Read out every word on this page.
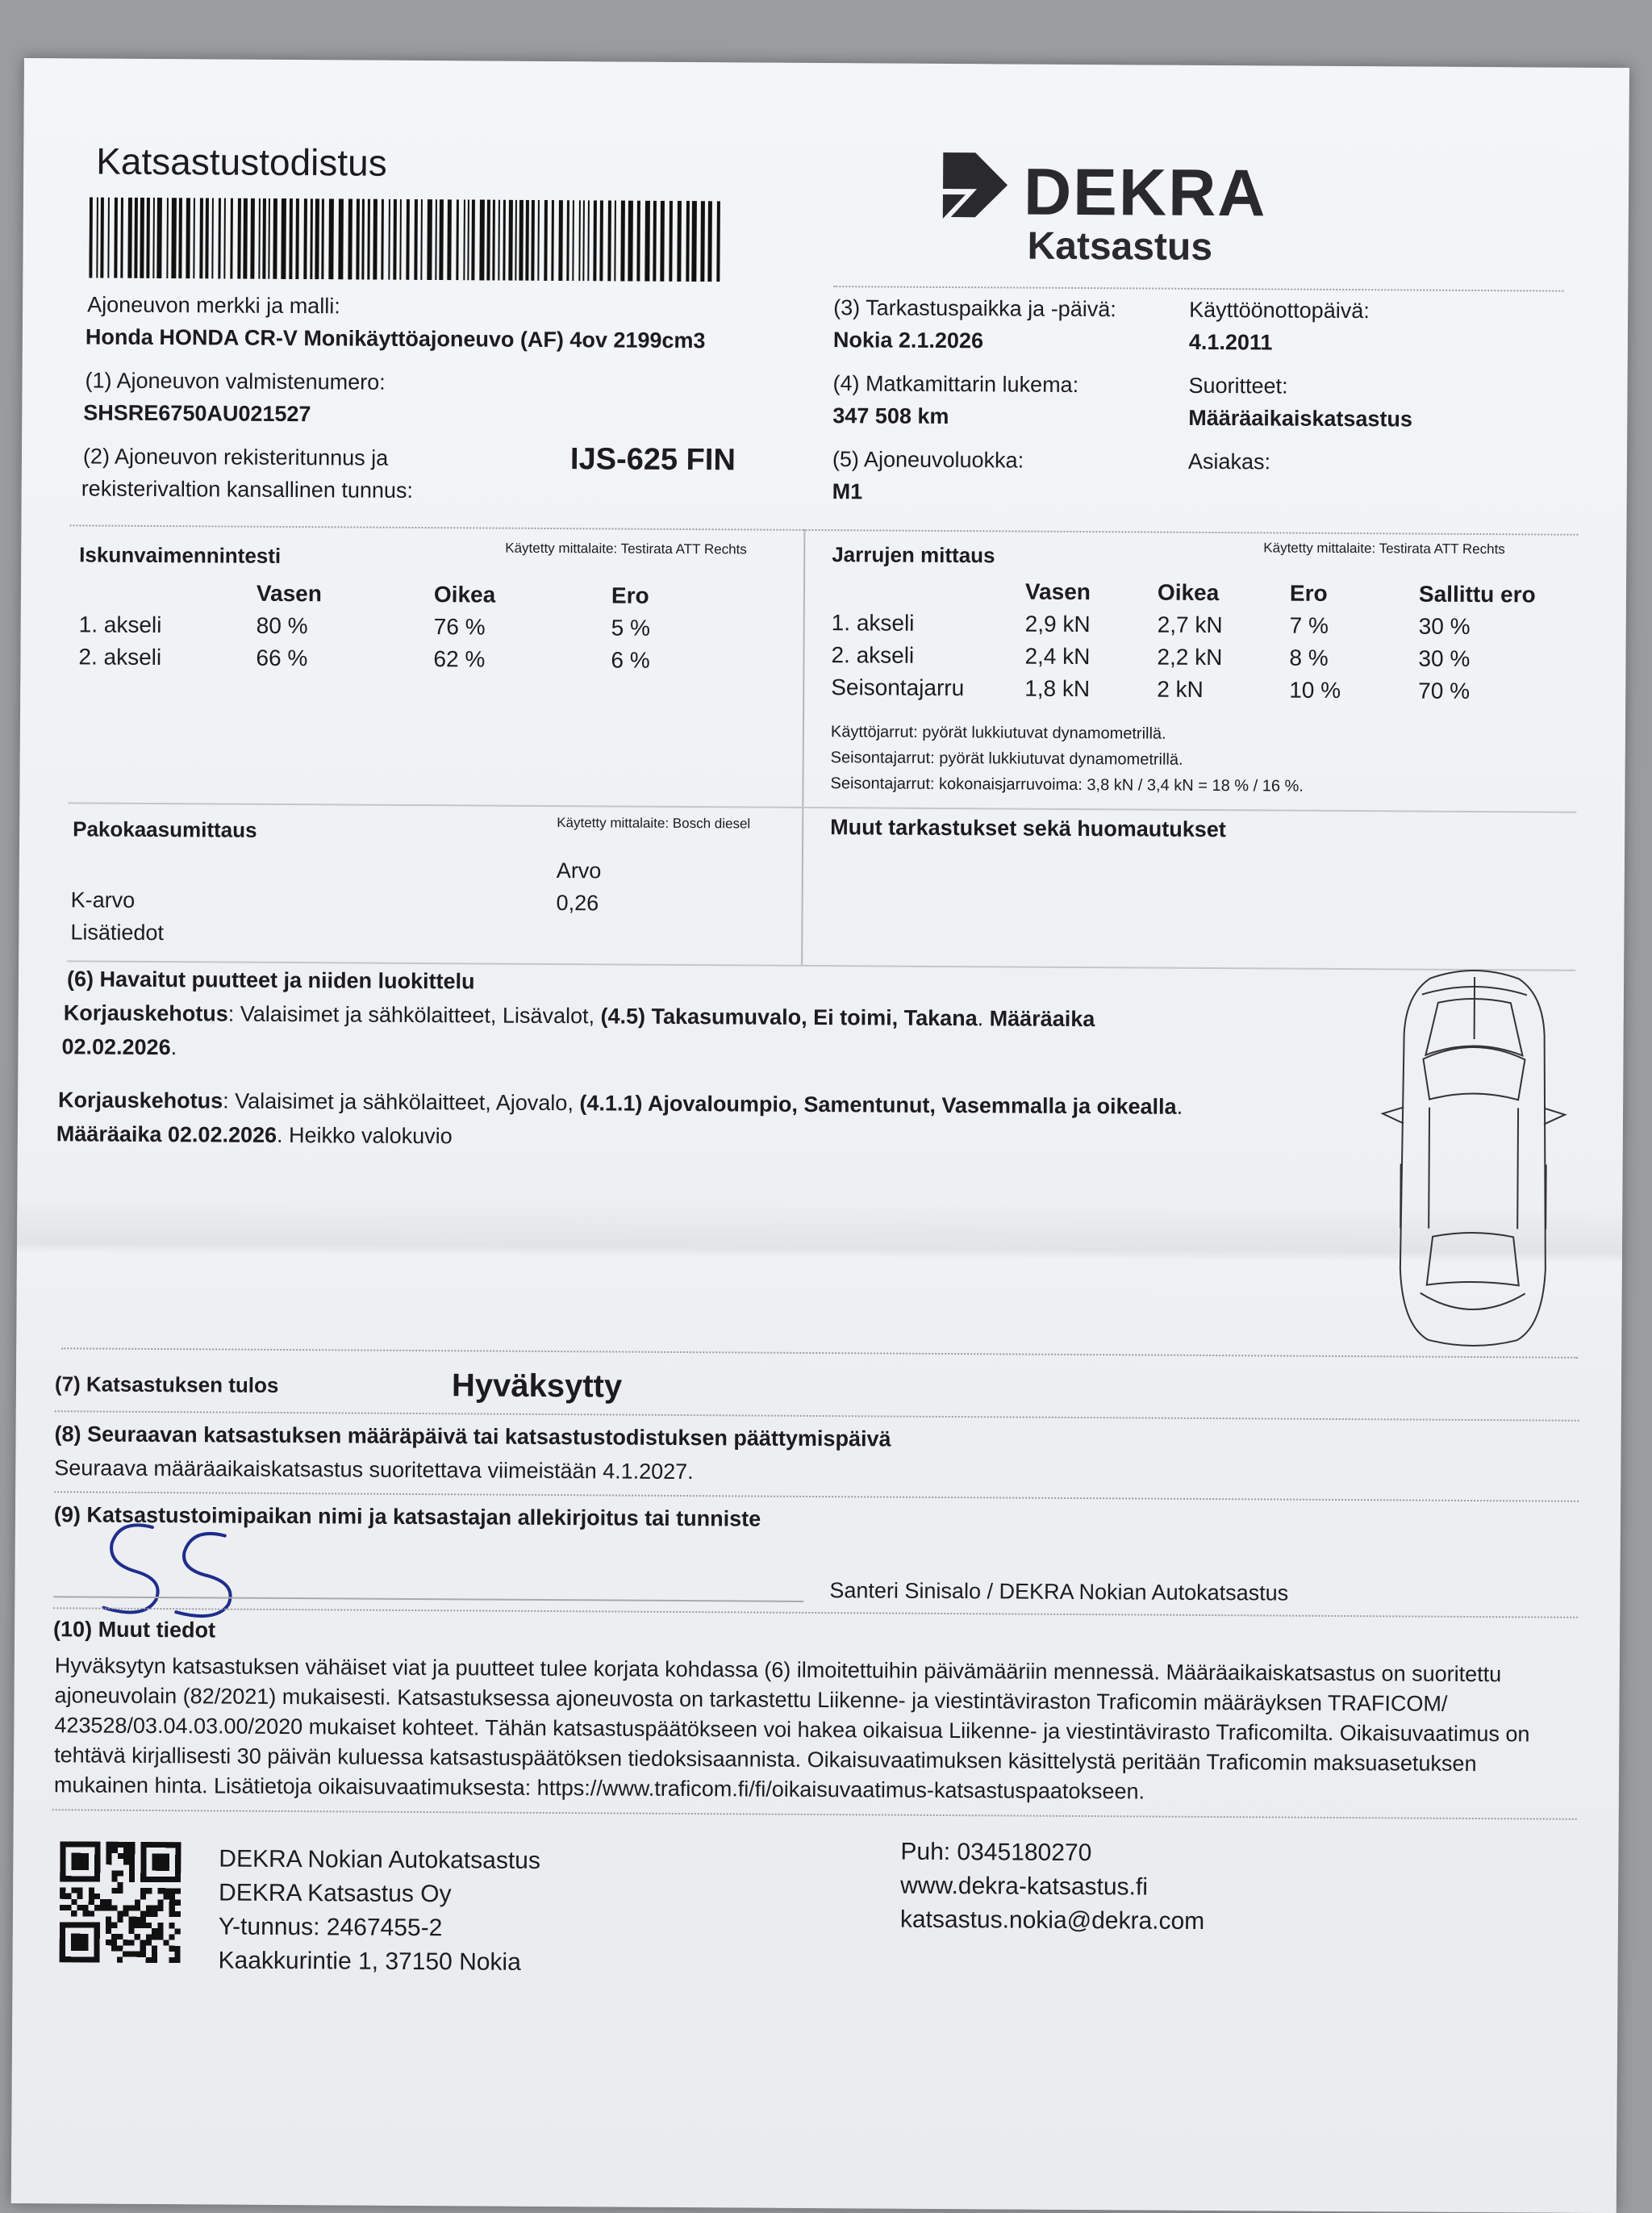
Katsastustodistus	DEKRA
Katsastus
Ajoneuvon merkki ja malli:
Honda HONDA CR-V Monikäyttöajoneuvo (AF) 4ov 2199cm3
(1) Ajoneuvon valmistenumero:
SHSRE6750AU021527
(2) Ajoneuvon rekisteritunnus ja
rekisterivaltion kansallinen tunnus:
IJS-625 FIN
(3) Tarkastuspaikka ja -päivä:
Nokia 2.1.2026
Käyttöönottopäivä:
4.1.2011
(4) Matkamittarin lukema:
347 508 km
Suoritteet:
Määräaikaiskatsastus
(5) Ajoneuvoluokka:
M1
Asiakas:
Iskunvaimennintesti	Käytetty mittalaite: Testirata ATT Rechts
	Vasen	Oikea	Ero
1. akseli	80 %	76 %	5 %
2. akseli	66 %	62 %	6 %
Jarrujen mittaus	Käytetty mittalaite: Testirata ATT Rechts
	Vasen	Oikea	Ero	Sallittu ero
1. akseli	2,9 kN	2,7 kN	7 %	30 %
2. akseli	2,4 kN	2,2 kN	8 %	30 %
Seisontajarru	1,8 kN	2 kN	10 %	70 %
Käyttöjarrut: pyörät lukkiutuvat dynamometrillä.
Seisontajarrut: pyörät lukkiutuvat dynamometrillä.
Seisontajarrut: kokonaisjarruvoima: 3,8 kN / 3,4 kN = 18 % / 16 %.
Pakokaasumittaus	Käytetty mittalaite: Bosch diesel
Arvo
K-arvo	0,26
Lisätiedot
Muut tarkastukset sekä huomautukset
(6) Havaitut puutteet ja niiden luokittelu
Korjauskehotus: Valaisimet ja sähkölaitteet, Lisävalot, (4.5) Takasumuvalo, Ei toimi, Takana. Määräaika
02.02.2026.
Korjauskehotus: Valaisimet ja sähkölaitteet, Ajovalo, (4.1.1) Ajovaloumpio, Samentunut, Vasemmalla ja oikealla.
Määräaika 02.02.2026. Heikko valokuvio
(7) Katsastuksen tulos	Hyväksytty
(8) Seuraavan katsastuksen määräpäivä tai katsastustodistuksen päättymispäivä
Seuraava määräaikaiskatsastus suoritettava viimeistään 4.1.2027.
(9) Katsastustoimipaikan nimi ja katsastajan allekirjoitus tai tunniste
Santeri Sinisalo / DEKRA Nokian Autokatsastus
(10) Muut tiedot
Hyväksytyn katsastuksen vähäiset viat ja puutteet tulee korjata kohdassa (6) ilmoitettuihin päivämääriin mennessä. Määräaikaiskatsastus on suoritettu
ajoneuvolain (82/2021) mukaisesti. Katsastuksessa ajoneuvosta on tarkastettu Liikenne- ja viestintäviraston Traficomin määräyksen TRAFICOM/
423528/03.04.03.00/2020 mukaiset kohteet. Tähän katsastuspäätökseen voi hakea oikaisua Liikenne- ja viestintävirasto Traficomilta. Oikaisuvaatimus on
tehtävä kirjallisesti 30 päivän kuluessa katsastuspäätöksen tiedoksisaannista. Oikaisuvaatimuksen käsittelystä peritään Traficomin maksuasetuksen
mukainen hinta. Lisätietoja oikaisuvaatimuksesta: https://www.traficom.fi/fi/oikaisuvaatimus-katsastuspaatokseen.
DEKRA Nokian Autokatsastus
DEKRA Katsastus Oy
Y-tunnus: 2467455-2
Kaakkurintie 1, 37150 Nokia
Puh: 0345180270
www.dekra-katsastus.fi
katsastus.nokia@dekra.com
